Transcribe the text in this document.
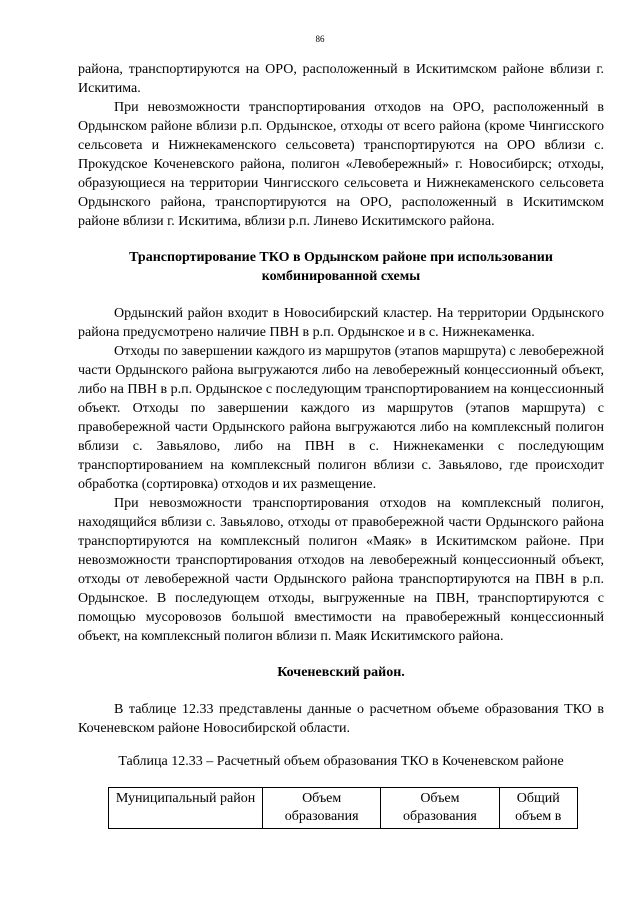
86

района, транспортируются на ОРО, расположенный в Искитимском районе вблизи г. Искитима.

При невозможности транспортирования отходов на ОРО, расположенный в Ордынском районе вблизи р.п. Ордынское, отходы от всего района (кроме Чингисского сельсовета и Нижнекаменского сельсовета) транспортируются на ОРО вблизи с. Прокудское Коченевского района, полигон «Левобережный» г. Новосибирск; отходы, образующиеся на территории Чингисского сельсовета и Нижнекаменского сельсовета Ордынского района, транспортируются на ОРО, расположенный в Искитимском районе вблизи г. Искитима, вблизи р.п. Линево Искитимского района.

Транспортирование ТКО в Ордынском районе при использовании комбинированной схемы

Ордынский район входит в Новосибирский кластер. На территории Ордынского района предусмотрено наличие ПВН в р.п. Ордынское и в с. Нижнекаменка.

Отходы по завершении каждого из маршрутов (этапов маршрута) с левобережной части Ордынского района выгружаются либо на левобережный концессионный объект, либо на ПВН в р.п. Ордынское с последующим транспортированием на концессионный объект. Отходы по завершении каждого из маршрутов (этапов маршрута) с правобережной части Ордынского района выгружаются либо на комплексный полигон вблизи с. Завьялово, либо на ПВН в с. Нижнекаменки с последующим транспортированием на комплексный полигон вблизи с. Завьялово, где происходит обработка (сортировка) отходов и их размещение.

При невозможности транспортирования отходов на комплексный полигон, находящийся вблизи с. Завьялово, отходы от правобережной части Ордынского района транспортируются на комплексный полигон «Маяк» в Искитимском районе. При невозможности транспортирования отходов на левобережный концессионный объект, отходы от левобережной части Ордынского района транспортируются на ПВН в р.п. Ордынское. В последующем отходы, выгруженные на ПВН, транспортируются с помощью мусоровозов большой вместимости на правобережный концессионный объект, на комплексный полигон вблизи п. Маяк Искитимского района.

Коченевский район.

В таблице 12.33 представлены данные о расчетном объеме образования ТКО в Коченевском районе Новосибирской области.

Таблица 12.33 – Расчетный объем образования ТКО в Коченевском районе

Муниципальный район	Объем образования	Объем образования	Общий объем в
